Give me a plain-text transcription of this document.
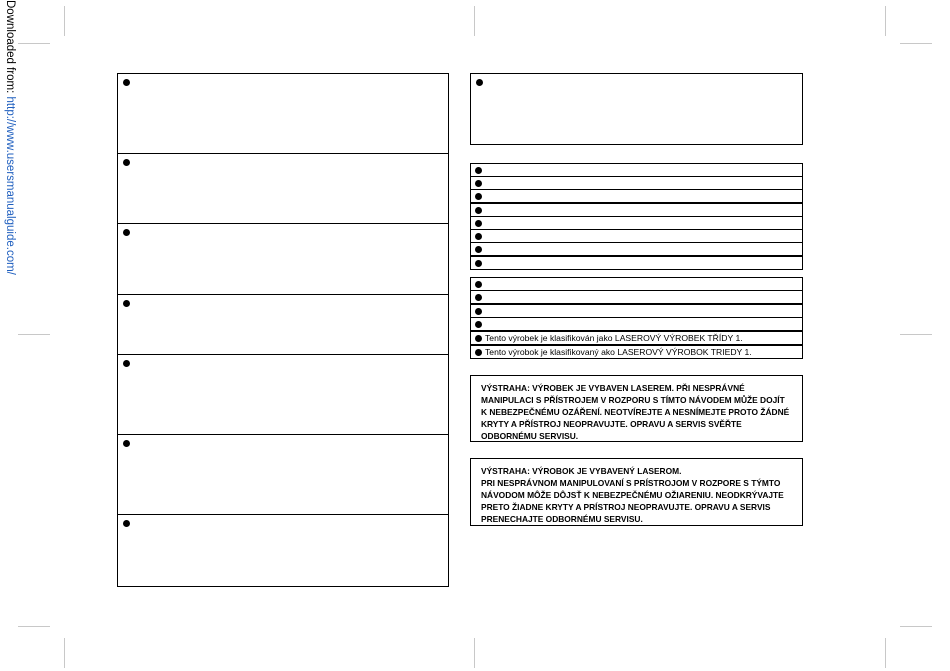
Downloaded from: http://www.usersmanualguide.com/
Tento výrobek je klasifikován jako LASEROVÝ VÝROBEK TŘÍDY 1.
Tento výrobok je klasifikovaný ako LASEROVÝ VÝROBOK TRIEDY 1.
VÝSTRAHA: VÝROBEK JE VYBAVEN LASEREM. PŘI NESPRÁVNÉ
MANIPULACI S PŘÍSTROJEM V ROZPORU S TÍMTO NÁVODEM MŮŽE DOJÍT
K NEBEZPEČNÉMU OZÁŘENÍ. NEOTVÍREJTE A NESNÍMEJTE PROTO ŽÁDNÉ
KRYTY A PŘÍSTROJ NEOPRAVUJTE. OPRAVU A SERVIS SVĚŘTE
ODBORNÉMU SERVISU.
VÝSTRAHA: VÝROBOK JE VYBAVENÝ LASEROM.
PRI NESPRÁVNOM MANIPULOVANÍ S PRÍSTROJOM V ROZPORE S TÝMTO
NÁVODOM MÔŽE DÔJSŤ K NEBEZPEČNÉMU OŽIARENIU. NEODKRÝVAJTE
PRETO ŽIADNE KRYTY A PRÍSTROJ NEOPRAVUJTE. OPRAVU A SERVIS
PRENECHAJTE ODBORNÉMU SERVISU.
